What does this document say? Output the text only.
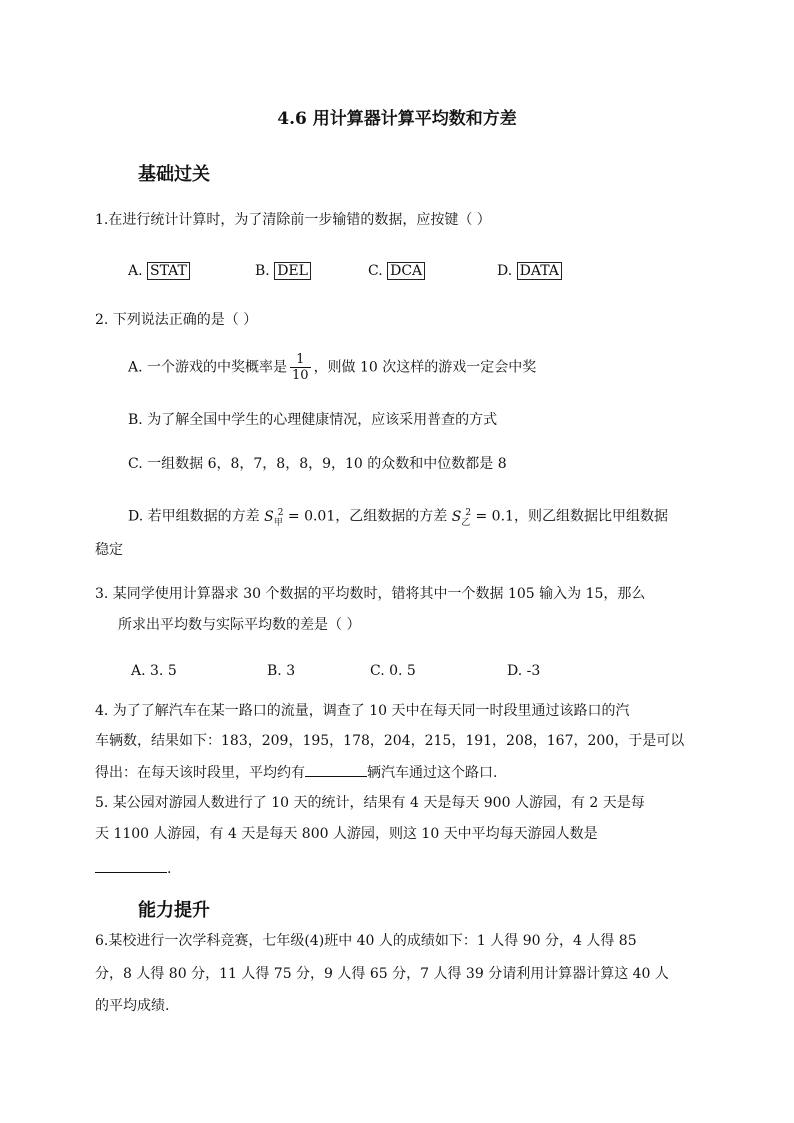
4.6 用计算器计算平均数和方差
基础过关
1.在进行统计计算时，为了清除前一步输错的数据，应按键（ ）
A. STAT	B. DEL	C. DCA	D. DATA
2. 下列说法正确的是（ ）
A. 一个游戏的中奖概率是 $\frac{1}{10}$ ，则做 10 次这样的游戏一定会中奖
B. 为了解全国中学生的心理健康情况，应该采用普查的方式
C. 一组数据 6，8，7，8，8，9，10 的众数和中位数都是 8
D. 若甲组数据的方差 $S_甲^2 = 0.01$，乙组数据的方差 $S_乙^2 = 0.1$，则乙组数据比甲组数据
稳定
3. 某同学使用计算器求 30 个数据的平均数时，错将其中一个数据 105 输入为 15，那么
所求出平均数与实际平均数的差是（ ）
A. 3. 5	B. 3	C. 0. 5	D. -3
4. 为了了解汽车在某一路口的流量，调查了 10 天中在每天同一时段里通过该路口的汽
车辆数，结果如下：183，209，195，178，204，215，191，208，167，200，于是可以
得出：在每天该时段里，平均约有	辆汽车通过这个路口.
5. 某公园对游园人数进行了 10 天的统计，结果有 4 天是每天 900 人游园，有 2 天是每
天 1100 人游园，有 4 天是每天 800 人游园，则这 10 天中平均每天游园人数是
.
能力提升
6.某校进行一次学科竞赛，七年级(4)班中 40 人的成绩如下：1 人得 90 分，4 人得 85
分，8 人得 80 分，11 人得 75 分，9 人得 65 分，7 人得 39 分请利用计算器计算这 40 人
的平均成绩.
